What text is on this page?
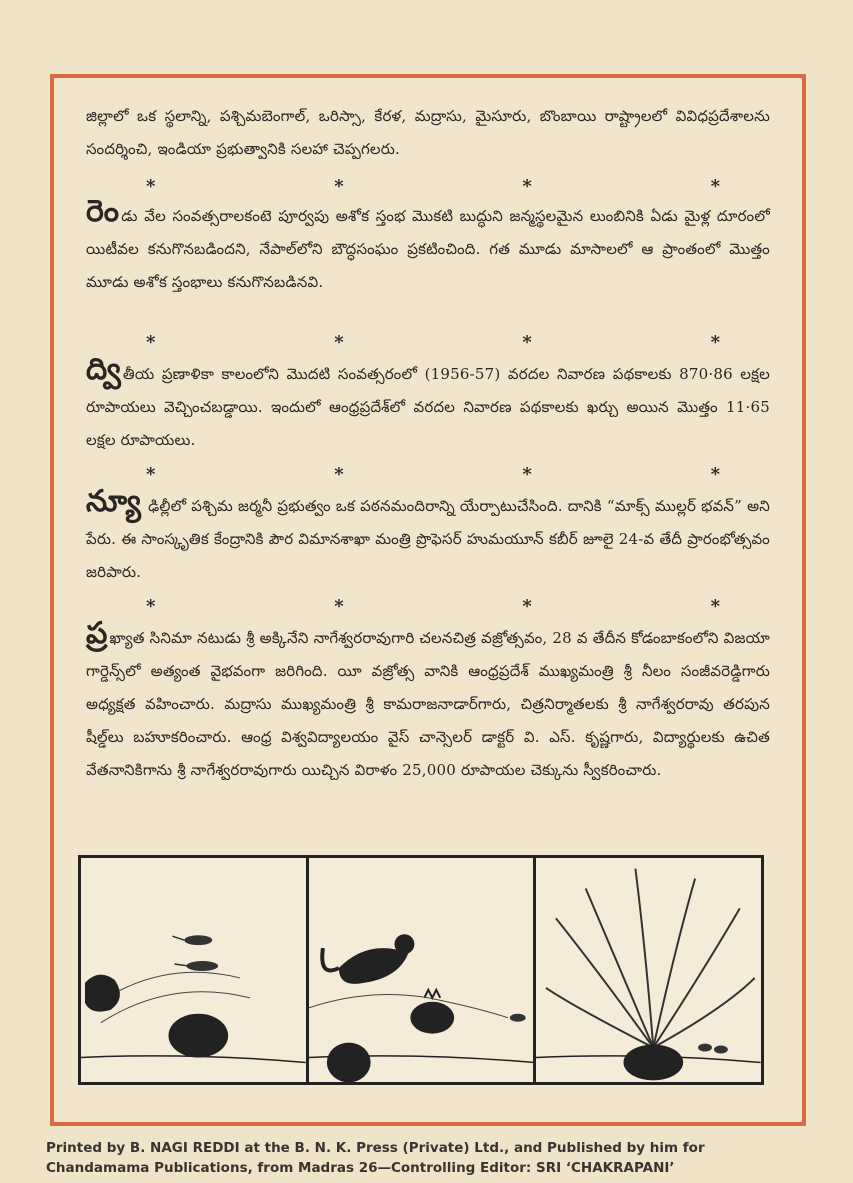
జిల్లాలో ఒక స్థలాన్ని, పశ్చిమబెంగాల్, ఒరిస్సా, కేరళ, మద్రాసు, మైసూరు, బొంబాయి రాష్ట్రాలలో వివిధప్రదేశాలను సందర్శించి, ఇండియా ప్రభుత్వానికి సలహా చెప్పగలరు.

*	*	*	*

రెండు వేల సంవత్సరాలకంటె పూర్వపు అశోక స్తంభ మొకటి బుద్ధుని జన్మస్థలమైన లుంబినికి ఏడు మైళ్ల దూరంలో యిటీవల కనుగొనబడిందని, నేపాల్‌లోని బౌద్ధసంఘం ప్రకటించింది. గత మూడు మాసాలలో ఆ ప్రాంతంలో మొత్తం మూడు అశోక స్తంభాలు కనుగొనబడినవి.

*	*	*	*

ద్వి తీయ ప్రణాళికా కాలంలోని మొదటి సంవత్సరంలో (1956-57) వరదల నివారణ పథకాలకు 870·86 లక్షల రూపాయలు వెచ్చించబడ్డాయి. ఇందులో ఆంధ్రప్రదేశ్‌లో వరదల నివారణ పథకాలకు ఖర్చు అయిన మొత్తం 11·65 లక్షల రూపాయలు.

*	*	*	*

న్యూ ఢిల్లీలో పశ్చిమ జర్మనీ ప్రభుత్వం ఒక పఠనమందిరాన్ని యేర్పాటుచేసింది. దానికి “మాక్స్ ముల్లర్ భవన్” అని పేరు. ఈ సాంస్కృతిక కేంద్రానికి పౌర విమానశాఖా మంత్రి ప్రొఫెసర్ హుమయూన్ కబీర్ జూలై 24-వ తేదీ ప్రారంభోత్సవం జరిపారు.

*	*	*	*

ప్ర ఖ్యాత సినిమా నటుడు శ్రీ అక్కినేని నాగేశ్వరరావుగారి చలనచిత్ర వజ్రోత్సవం, 28 వ తేదీన కోడంబాకంలోని విజయా గార్డెన్స్‌లో అత్యంత వైభవంగా జరిగింది. యీ వజ్రోత్స వానికి ఆంధ్రప్రదేశ్ ముఖ్యమంత్రి శ్రీ నీలం సంజీవరెడ్డిగారు అధ్యక్షత వహించారు. మద్రాసు ముఖ్యమంత్రి శ్రీ కామరాజనాడార్‌గారు, చిత్రనిర్మాతలకు శ్రీ నాగేశ్వరరావు తరపున షీల్డ్‌లు బహూకరించారు. ఆంధ్ర విశ్వవిద్యాలయం వైస్ చాన్సెలర్ డాక్టర్ వి. ఎస్. కృష్ణగారు, విద్యార్థులకు ఉచిత వేతనానికిగాను శ్రీ నాగేశ్వరరావుగారు యిచ్చిన విరాళం 25,000 రూపాయల చెక్కును స్వీకరించారు.

Printed by B. NAGI REDDI at the B. N. K. Press (Private) Ltd., and Published by him for
Chandamama Publications, from Madras 26—Controlling Editor: SRI ‘CHAKRAPANI’
